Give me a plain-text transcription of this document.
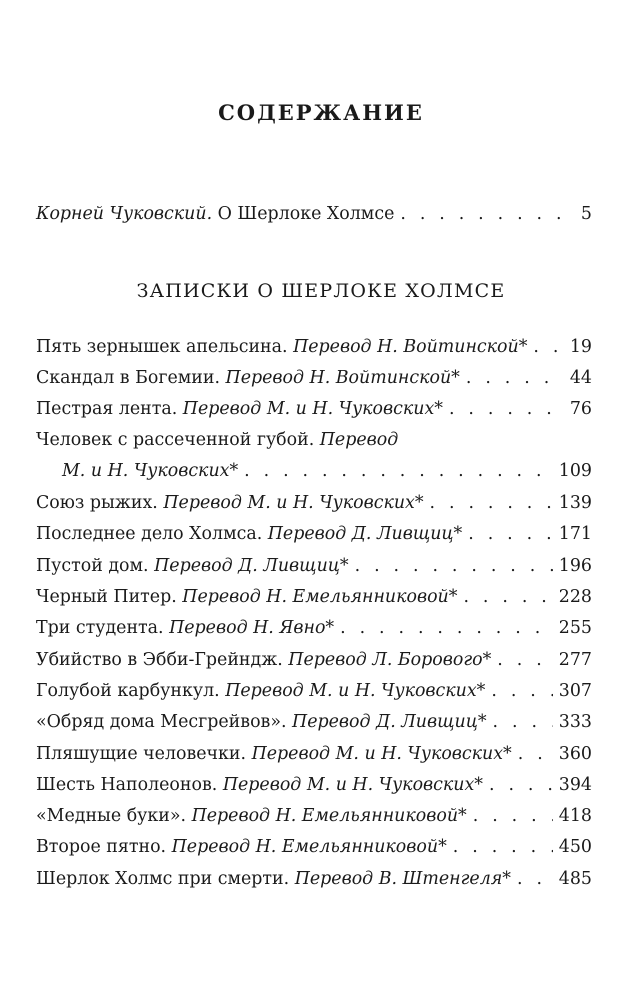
СОДЕРЖАНИЕ
Корней Чуковский. О Шерлоке Холмсе . . .	5
ЗАПИСКИ О ШЕРЛОКЕ ХОЛМСЕ
Пять зернышек апельсина. Перевод Н. Войтинской* . . . 19
Скандал в Богемии. Перевод Н. Войтинской* . . .	44
Пестрая лента. Перевод М. и Н. Чуковских* . . .	76
Человек с рассеченной губой. Перевод
М. и Н. Чуковских* . . .	109
Союз рыжих. Перевод М. и Н. Чуковских* . . .	139
Последнее дело Холмса. Перевод Д. Ливщиц* . . .	171
Пустой дом. Перевод Д. Ливщиц* . . .	196
Черный Питер. Перевод Н. Емельянниковой* . . .	228
Три студента. Перевод Н. Явно* . . .	255
Убийство в Эбби-Грейндж. Перевод Л. Борового* . . .	277
Голубой карбункул. Перевод М. и Н. Чуковских* . . .	307
«Обряд дома Месгрейвов». Перевод Д. Ливщиц* . . .	333
Пляшущие человечки. Перевод М. и Н. Чуковских* . . .	360
Шесть Наполеонов. Перевод М. и Н. Чуковских* . . .	394
«Медные буки». Перевод Н. Емельянниковой* . . .	418
Второе пятно. Перевод Н. Емельянниковой* . . .	450
Шерлок Холмс при смерти. Перевод В. Штенгеля* . . .	485
